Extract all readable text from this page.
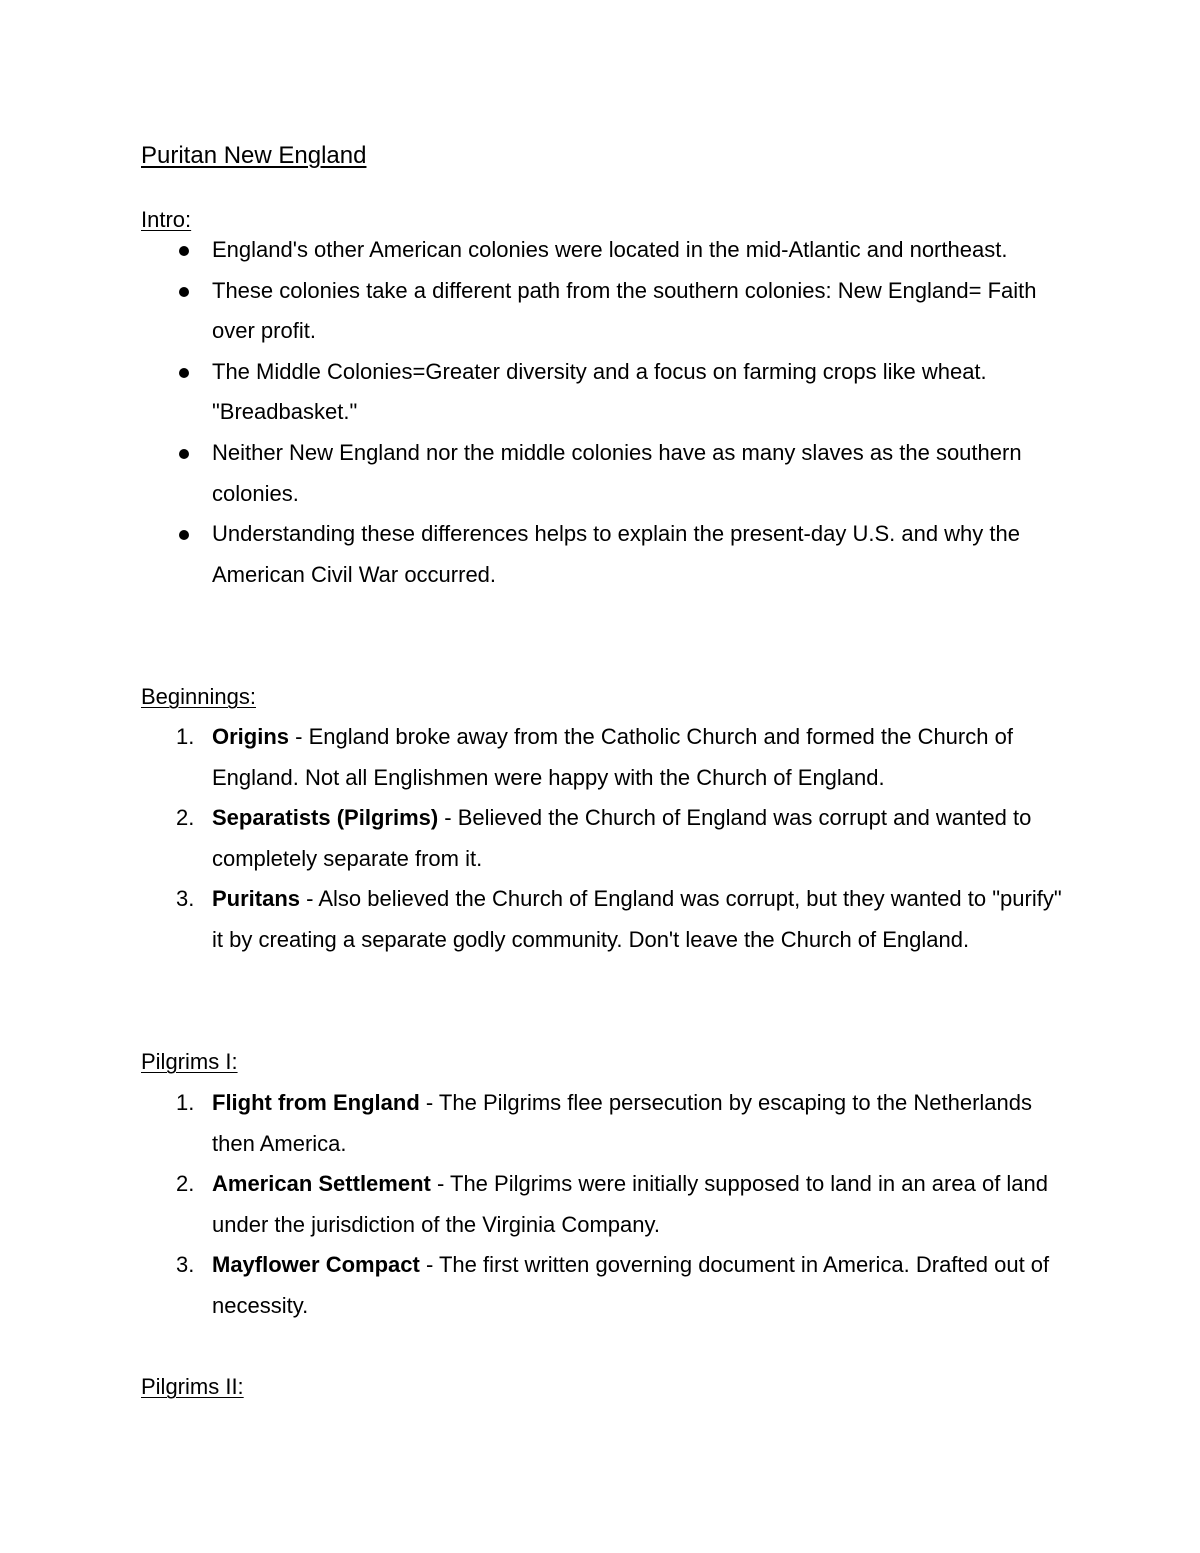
Puritan New England
Intro:
England's other American colonies were located in the mid-Atlantic and northeast.
These colonies take a different path from the southern colonies: New England= Faith over profit.
The Middle Colonies=Greater diversity and a focus on farming crops like wheat. "Breadbasket."
Neither New England nor the middle colonies have as many slaves as the southern colonies.
Understanding these differences helps to explain the present-day U.S. and why the American Civil War occurred.
Beginnings:
1. Origins - England broke away from the Catholic Church and formed the Church of England. Not all Englishmen were happy with the Church of England.
2. Separatists (Pilgrims) - Believed the Church of England was corrupt and wanted to completely separate from it.
3. Puritans - Also believed the Church of England was corrupt, but they wanted to "purify" it by creating a separate godly community. Don't leave the Church of England.
Pilgrims I:
1. Flight from England - The Pilgrims flee persecution by escaping to the Netherlands then America.
2. American Settlement - The Pilgrims were initially supposed to land in an area of land under the jurisdiction of the Virginia Company.
3. Mayflower Compact - The first written governing document in America. Drafted out of necessity.
Pilgrims II:
